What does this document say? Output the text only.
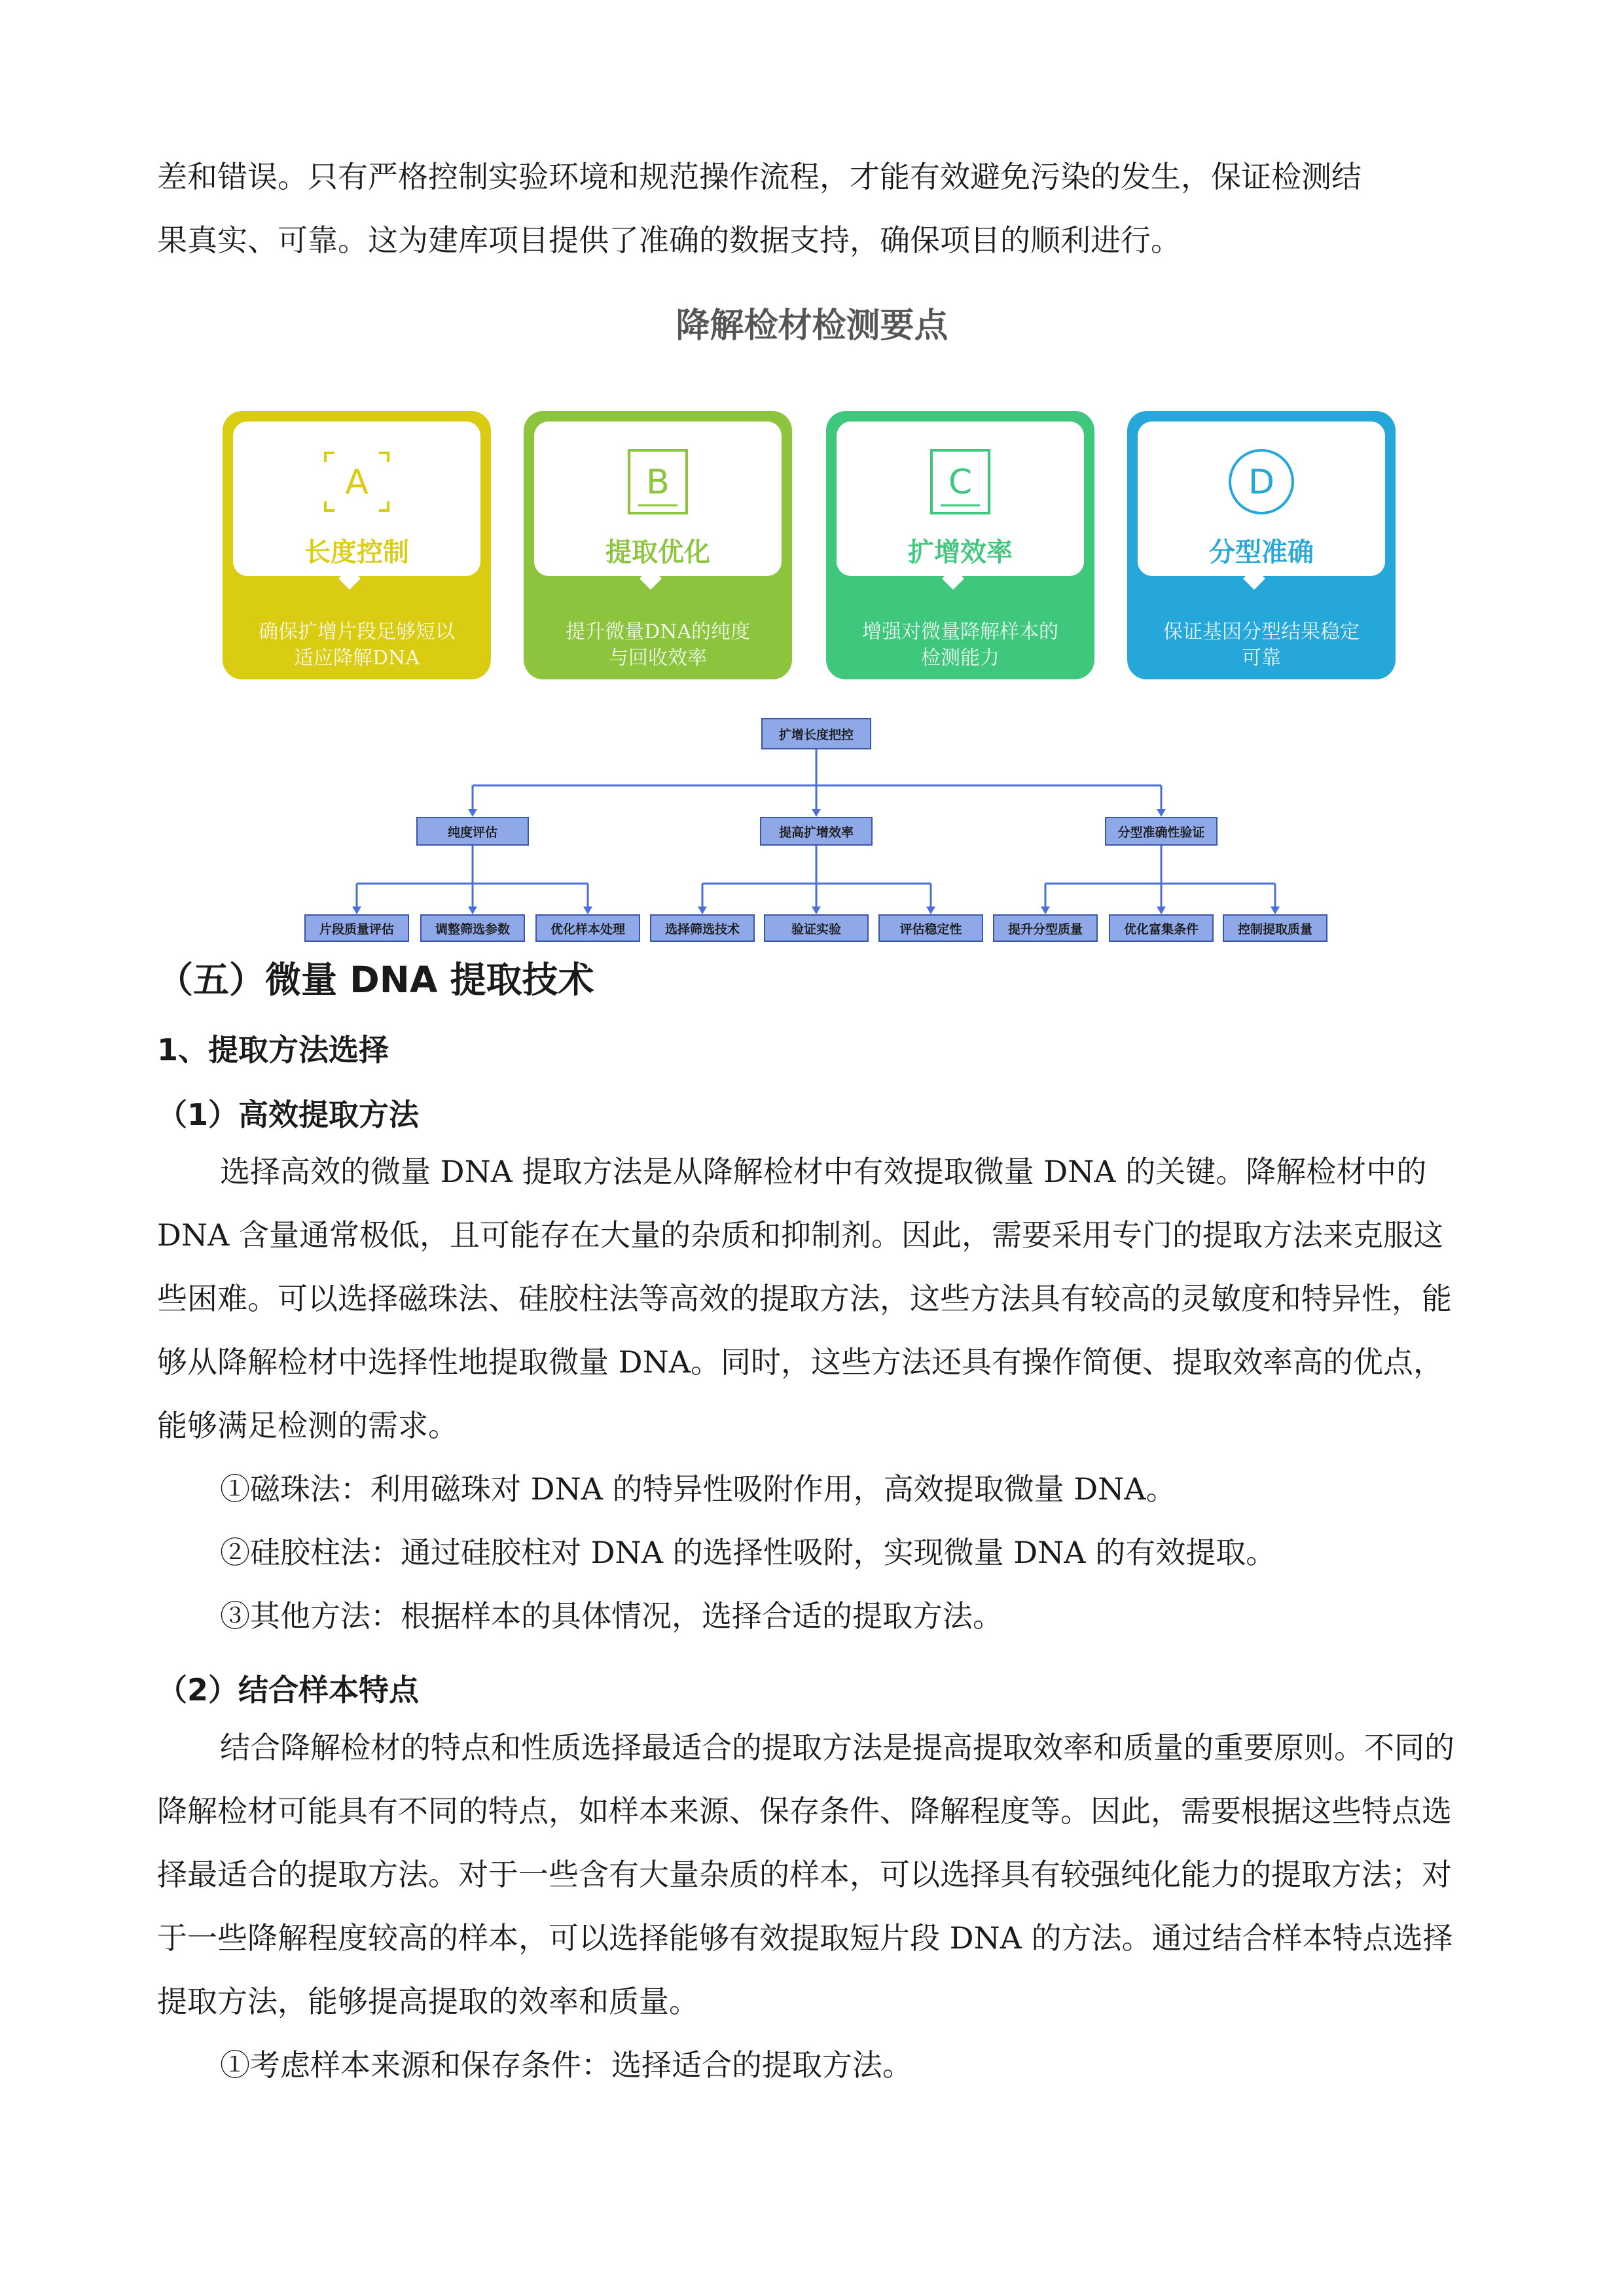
差和错误。只有严格控制实验环境和规范操作流程，才能有效避免污染的发生，保证检测结

果真实、可靠。这为建库项目提供了准确的数据支持，确保项目的顺利进行。

降解检材检测要点
A
长度控制
确保扩增片段足够短以
适应降解DNA
B
提取优化
提升微量DNA的纯度
与回收效率
C
扩增效率
增强对微量降解样本的
检测能力
D
分型准确
保证基因分型结果稳定
可靠
扩增长度把控
纯度评估	提高扩增效率	分型准确性验证
片段质量评估	调整筛选参数	优化样本处理	选择筛选技术	验证实验	评估稳定性	提升分型质量	优化富集条件	控制提取质量
（五）微量 DNA 提取技术
1、提取方法选择
（1）高效提取方法

选择高效的微量 DNA 提取方法是从降解检材中有效提取微量 DNA 的关键。降解检材中的 DNA 含量通常极低，且可能存在大量的杂质和抑制剂。因此，需要采用专门的提取方法来克服这些困难。可以选择磁珠法、硅胶柱法等高效的提取方法，这些方法具有较高的灵敏度和特异性，能够从降解检材中选择性地提取微量 DNA。同时，这些方法还具有操作简便、提取效率高的优点，能够满足检测的需求。

①磁珠法：利用磁珠对 DNA 的特异性吸附作用，高效提取微量 DNA。

②硅胶柱法：通过硅胶柱对 DNA 的选择性吸附，实现微量 DNA 的有效提取。

③其他方法：根据样本的具体情况，选择合适的提取方法。

（2）结合样本特点

结合降解检材的特点和性质选择最适合的提取方法是提高提取效率和质量的重要原则。不同的降解检材可能具有不同的特点，如样本来源、保存条件、降解程度等。因此，需要根据这些特点选择最适合的提取方法。对于一些含有大量杂质的样本，可以选择具有较强纯化能力的提取方法；对于一些降解程度较高的样本，可以选择能够有效提取短片段 DNA 的方法。通过结合样本特点选择提取方法，能够提高提取的效率和质量。

①考虑样本来源和保存条件：选择适合的提取方法。
